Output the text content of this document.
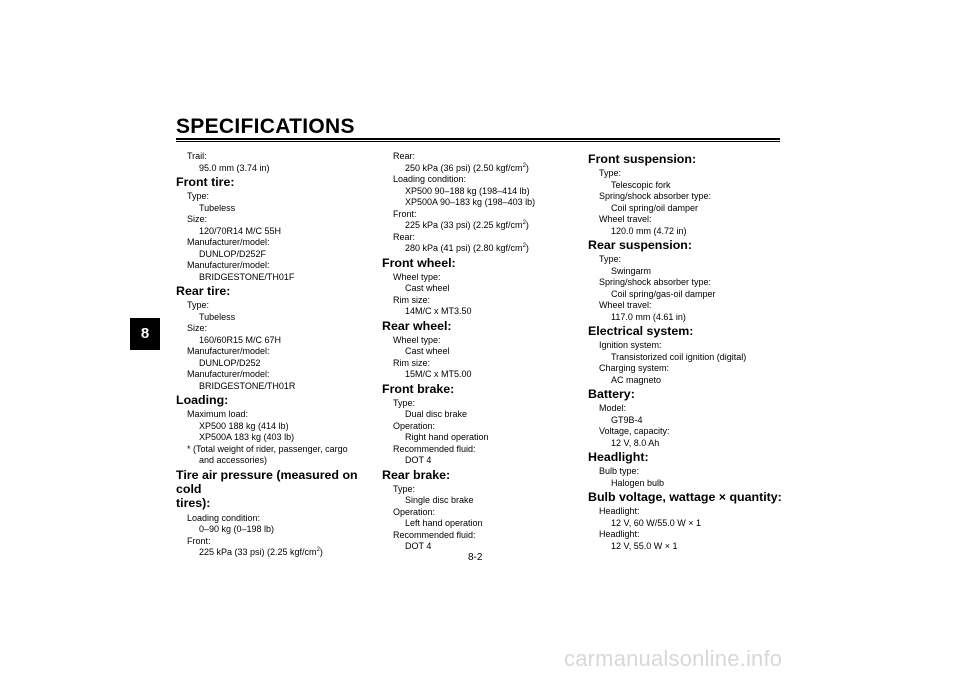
SPECIFICATIONS
8
Trail:
95.0 mm (3.74 in)
Front tire:
Type:
Tubeless
Size:
120/70R14 M/C 55H
Manufacturer/model:
DUNLOP/D252F
Manufacturer/model:
BRIDGESTONE/TH01F
Rear tire:
Type:
Tubeless
Size:
160/60R15 M/C 67H
Manufacturer/model:
DUNLOP/D252
Manufacturer/model:
BRIDGESTONE/TH01R
Loading:
Maximum load:
XP500 188 kg (414 lb)
XP500A 183 kg (403 lb)
* (Total weight of rider, passenger, cargo
and accessories)
Tire air pressure (measured on cold
tires):
Loading condition:
0–90 kg (0–198 lb)
Front:
225 kPa (33 psi) (2.25 kgf/$cm^2$)
Rear:
250 kPa (36 psi) (2.50 kgf/$cm^2$)
Loading condition:
XP500 90–188 kg (198–414 lb)
XP500A 90–183 kg (198–403 lb)
Front:
225 kPa (33 psi) (2.25 kgf/$cm^2$)
Rear:
280 kPa (41 psi) (2.80 kgf/$cm^2$)
Front wheel:
Wheel type:
Cast wheel
Rim size:
14M/C x MT3.50
Rear wheel:
Wheel type:
Cast wheel
Rim size:
15M/C x MT5.00
Front brake:
Type:
Dual disc brake
Operation:
Right hand operation
Recommended fluid:
DOT 4
Rear brake:
Type:
Single disc brake
Operation:
Left hand operation
Recommended fluid:
DOT 4
Front suspension:
Type:
Telescopic fork
Spring/shock absorber type:
Coil spring/oil damper
Wheel travel:
120.0 mm (4.72 in)
Rear suspension:
Type:
Swingarm
Spring/shock absorber type:
Coil spring/gas-oil damper
Wheel travel:
117.0 mm (4.61 in)
Electrical system:
Ignition system:
Transistorized coil ignition (digital)
Charging system:
AC magneto
Battery:
Model:
GT9B-4
Voltage, capacity:
12 V, 8.0 Ah
Headlight:
Bulb type:
Halogen bulb
Bulb voltage, wattage × quantity:
Headlight:
12 V, 60 W/55.0 W × 1
Headlight:
12 V, 55.0 W × 1
8-2
carmanualsonline.info
